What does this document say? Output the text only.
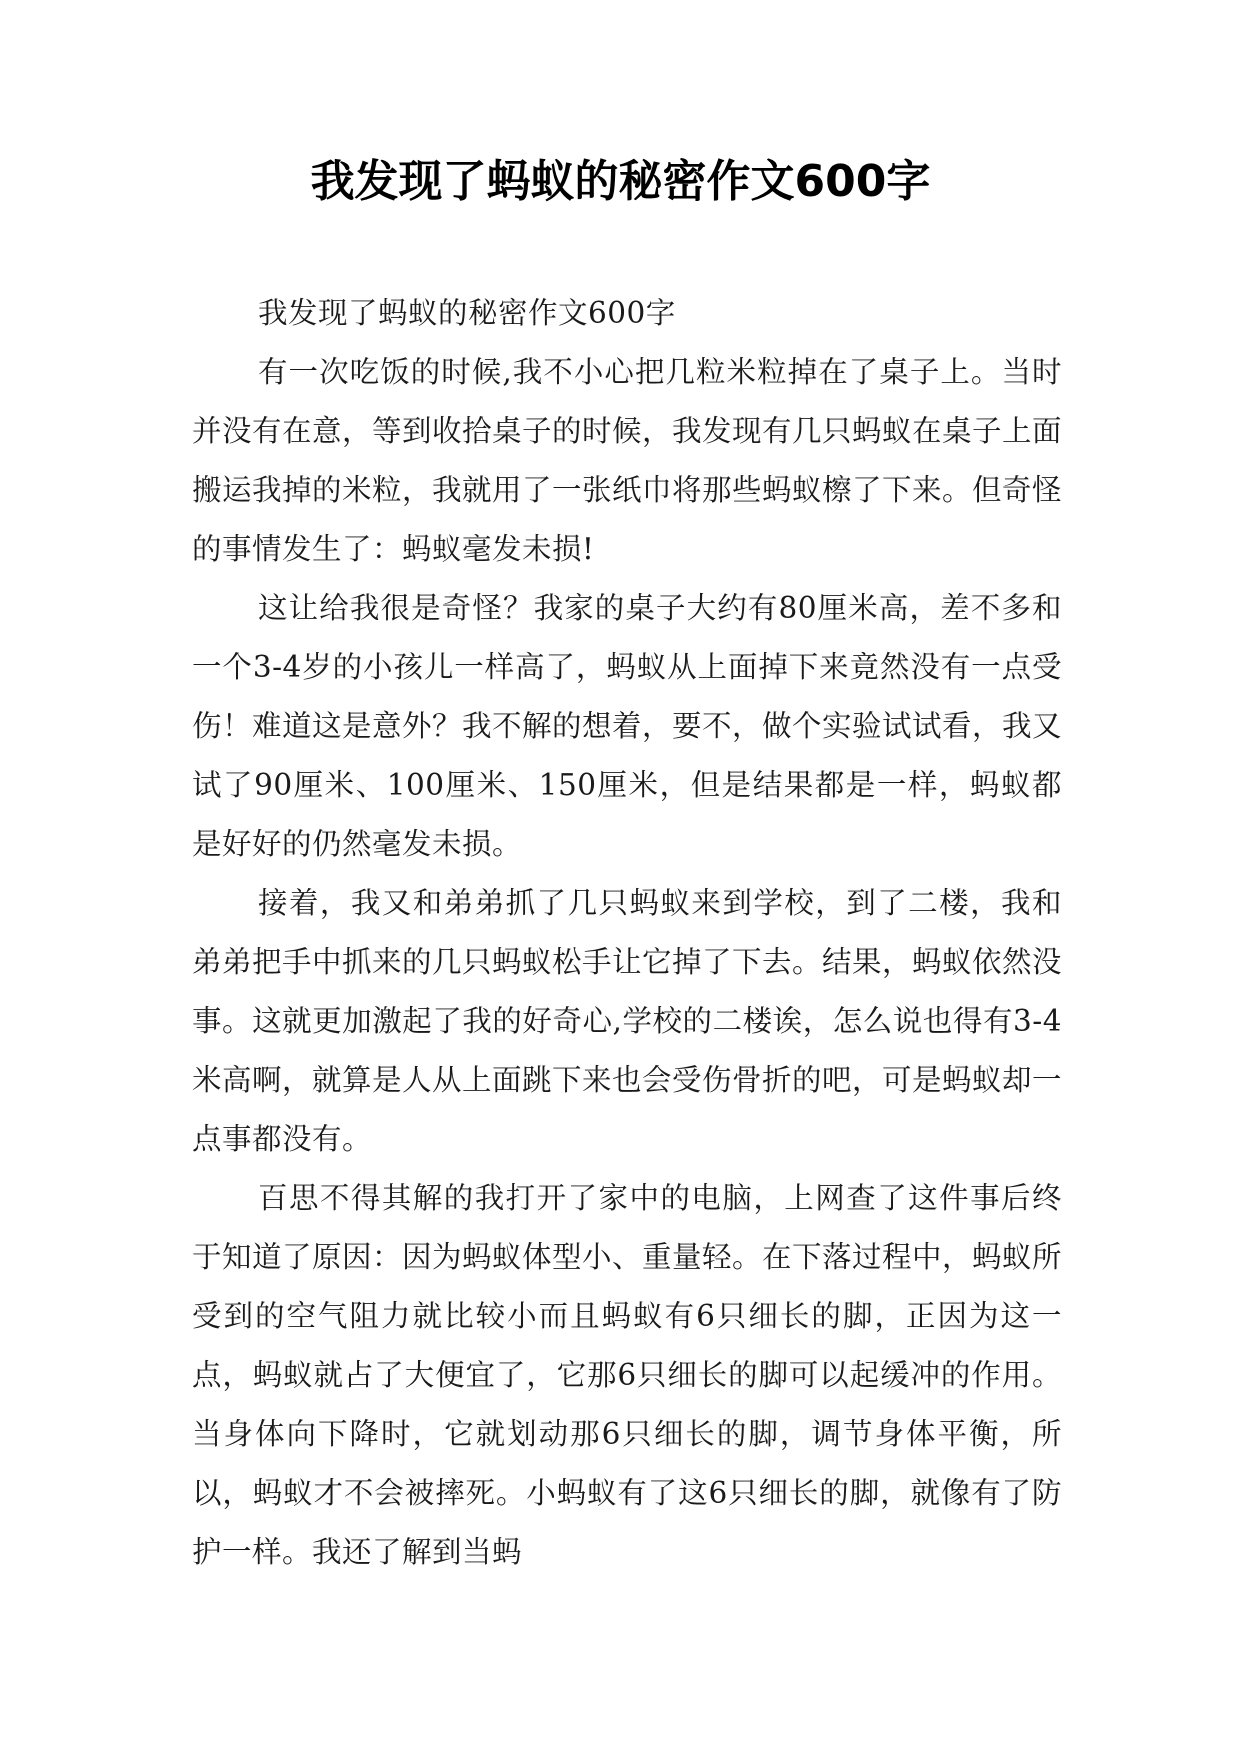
我发现了蚂蚁的秘密作文600字

我发现了蚂蚁的秘密作文600字

有一次吃饭的时候,我不小心把几粒米粒掉在了桌子上。当时并没有在意，等到收拾桌子的时候，我发现有几只蚂蚁在桌子上面搬运我掉的米粒，我就用了一张纸巾将那些蚂蚁檫了下来。但奇怪的事情发生了：蚂蚁毫发未损!

这让给我很是奇怪？我家的桌子大约有80厘米高，差不多和一个3-4岁的小孩儿一样高了，蚂蚁从上面掉下来竟然没有一点受伤！难道这是意外？我不解的想着，要不，做个实验试试看，我又试了90厘米、100厘米、150厘米，但是结果都是一样，蚂蚁都是好好的仍然毫发未损。

接着，我又和弟弟抓了几只蚂蚁来到学校，到了二楼，我和弟弟把手中抓来的几只蚂蚁松手让它掉了下去。结果，蚂蚁依然没事。这就更加激起了我的好奇心,学校的二楼诶，怎么说也得有3-4米高啊，就算是人从上面跳下来也会受伤骨折的吧，可是蚂蚁却一点事都没有。

百思不得其解的我打开了家中的电脑，上网查了这件事后终于知道了原因：因为蚂蚁体型小、重量轻。在下落过程中，蚂蚁所受到的空气阻力就比较小而且蚂蚁有6只细长的脚，正因为这一点，蚂蚁就占了大便宜了，它那6只细长的脚可以起缓冲的作用。当身体向下降时，它就划动那6只细长的脚，调节身体平衡，所以，蚂蚁才不会被摔死。小蚂蚁有了这6只细长的脚，就像有了防护一样。我还了解到当蚂
